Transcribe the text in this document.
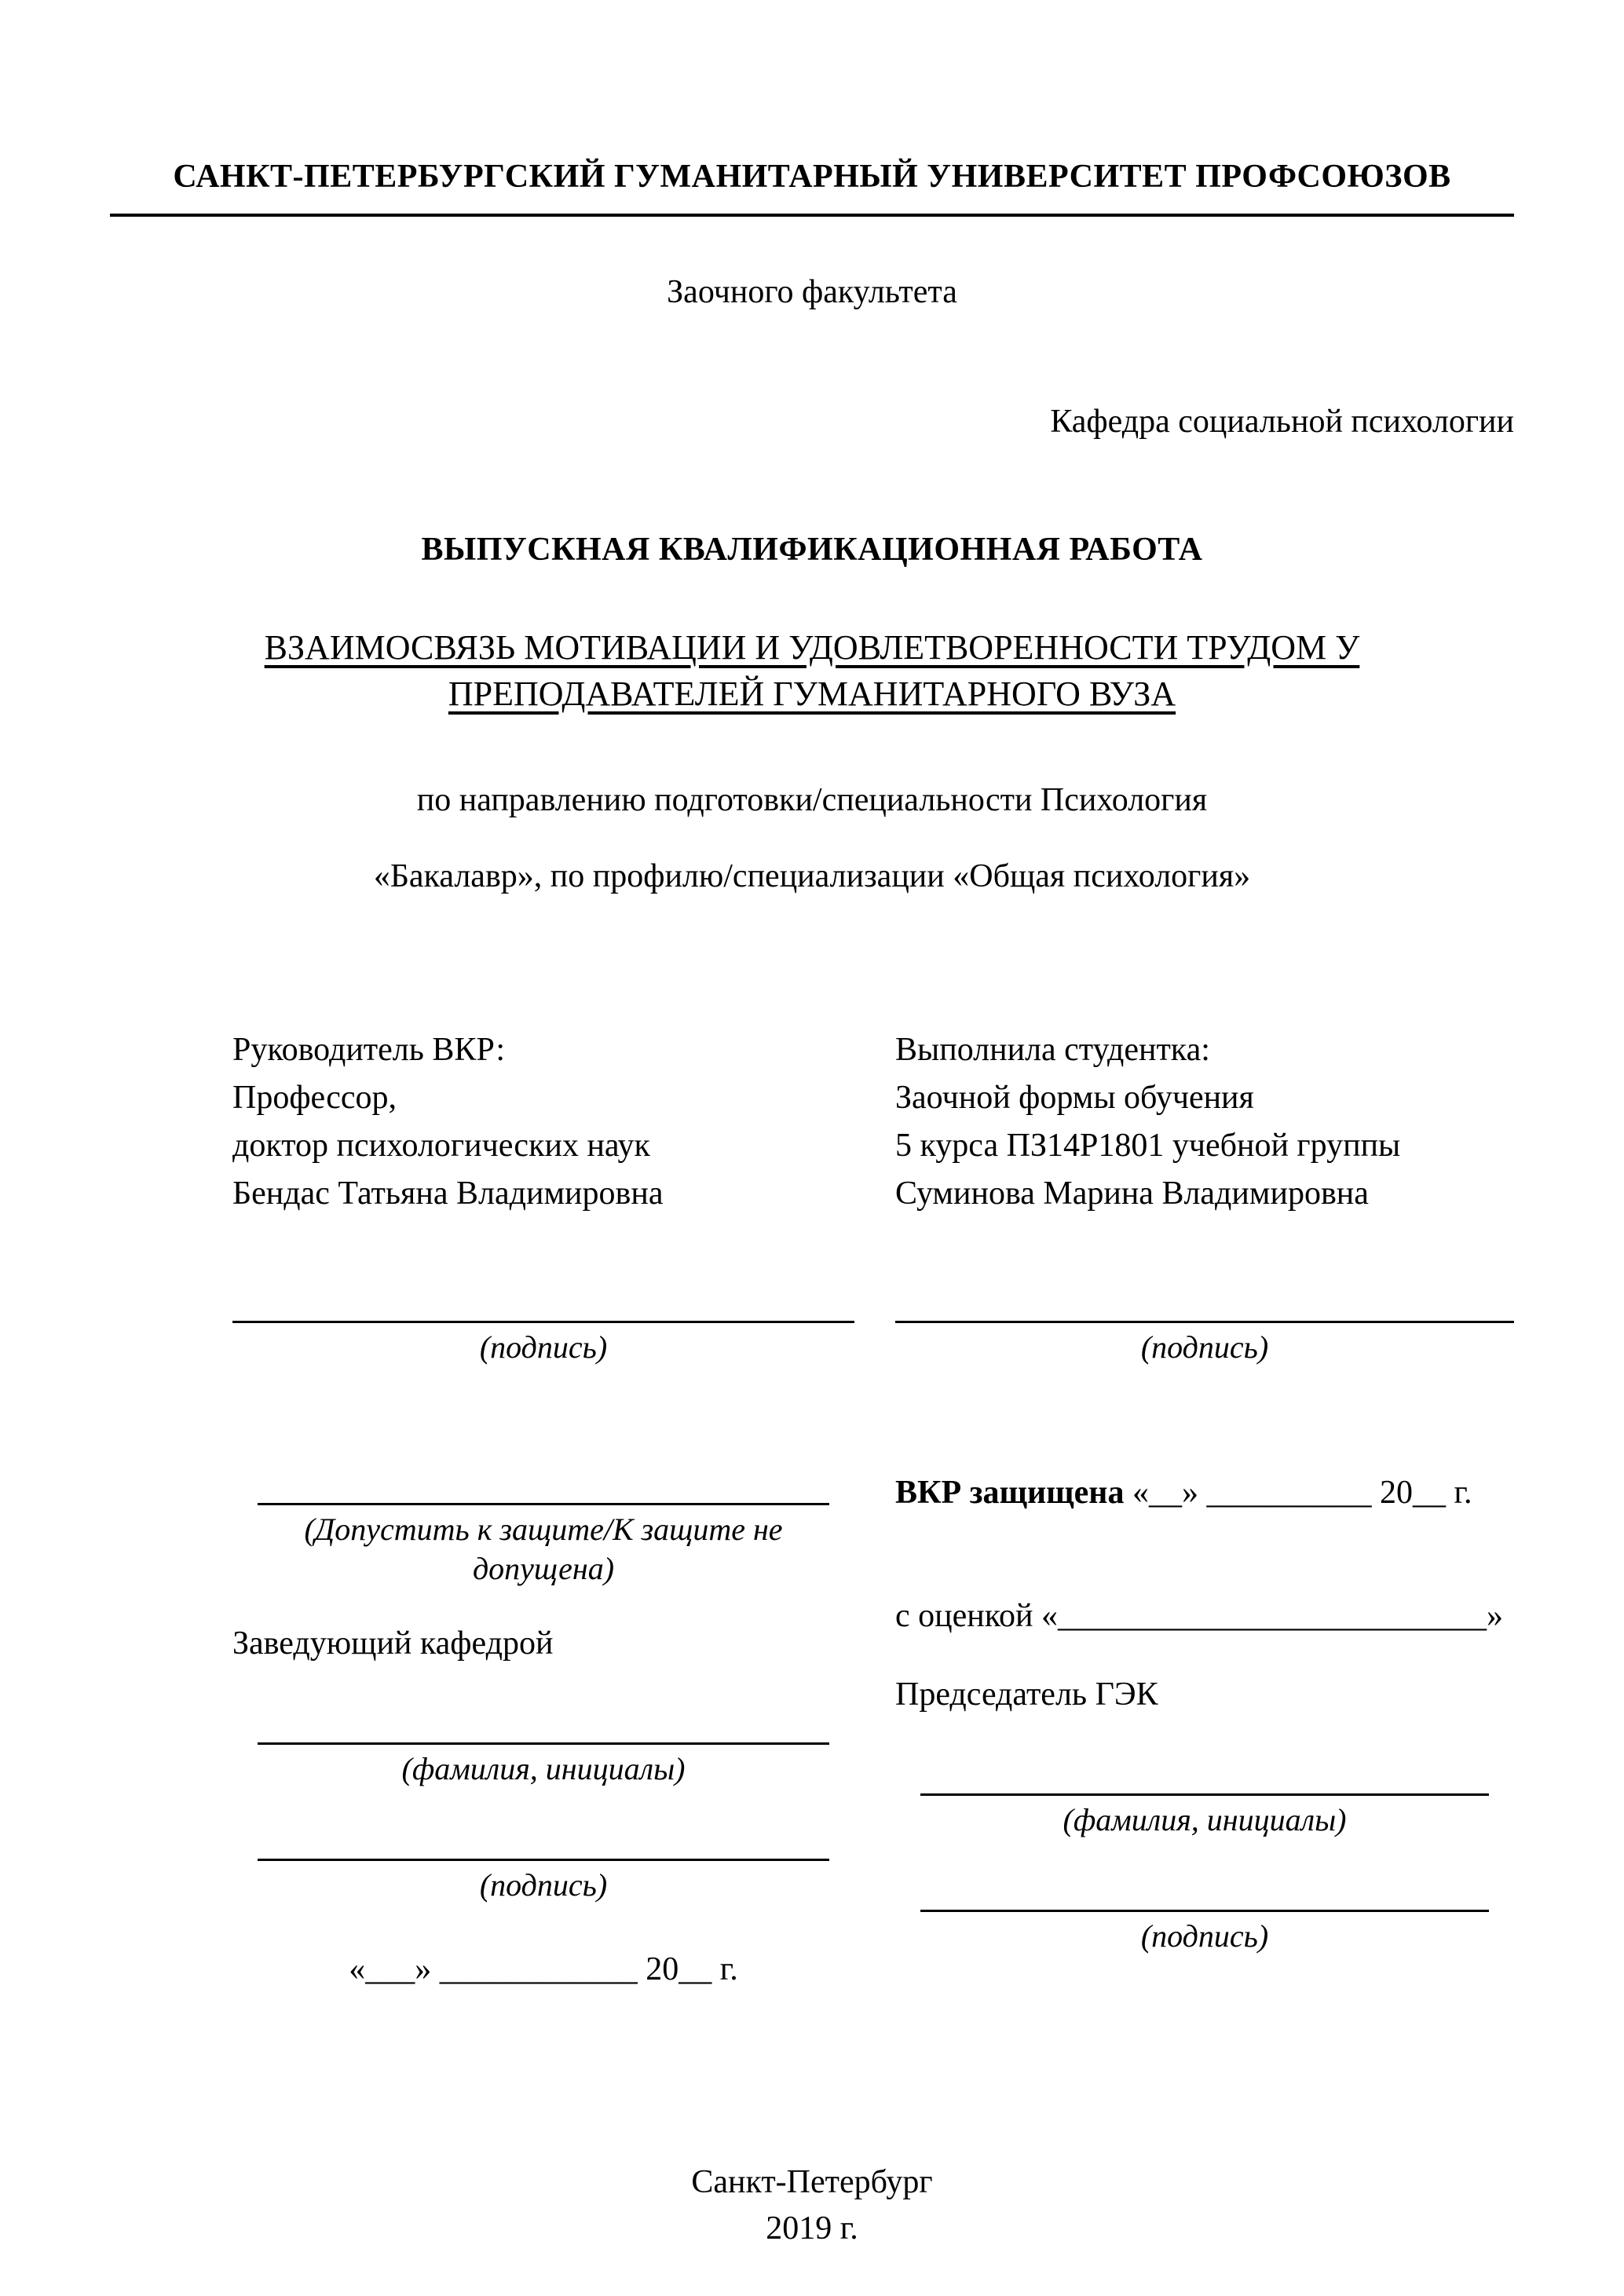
САНКТ-ПЕТЕРБУРГСКИЙ ГУМАНИТАРНЫЙ УНИВЕРСИТЕТ ПРОФСОЮЗОВ
Заочного факультета
Кафедра социальной психологии
ВЫПУСКНАЯ КВАЛИФИКАЦИОННАЯ РАБОТА
ВЗАИМОСВЯЗЬ МОТИВАЦИИ И УДОВЛЕТВОРЕННОСТИ ТРУДОМ У
ПРЕПОДАВАТЕЛЕЙ ГУМАНИТАРНОГО ВУЗА
по направлению подготовки/специальности Психология
«Бакалавр», по профилю/специализации «Общая психология»
Руководитель ВКР:
Профессор,
доктор психологических наук
Бендас Татьяна Владимировна
(подпись)
Выполнила студентка:
Заочной формы обучения
5 курса ПЗ14Р1801 учебной группы
Суминова Марина Владимировна
(подпись)
(Допустить к защите/К защите не
допущена)
Заведующий кафедрой
(фамилия, инициалы)
(подпись)
«___» ____________ 20__ г.
ВКР защищена «__» __________ 20__ г.
с оценкой «__________________________»
Председатель ГЭК
(фамилия, инициалы)
(подпись)
Санкт-Петербург
2019 г.
